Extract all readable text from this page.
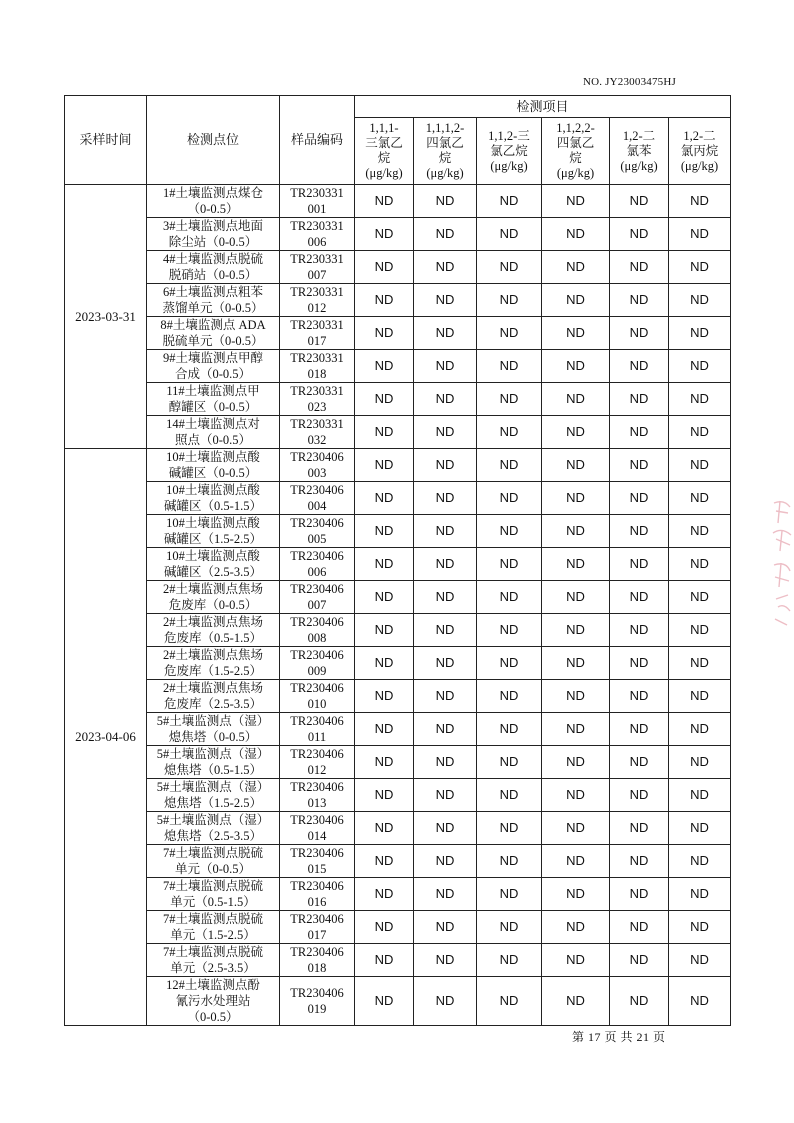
NO. JY23003475HJ
采样时间	检测点位	样品编码	检测项目					
			1,1,1-
三氯乙
烷
(μg/kg)	1,1,1,2-
四氯乙
烷
(μg/kg)	1,1,2-三
氯乙烷
(μg/kg)	1,1,2,2-
四氯乙
烷
(μg/kg)	1,2-二
氯苯
(μg/kg)	1,2-二
氯丙烷
(μg/kg)
2023-03-31	1#土壤监测点煤仓
（0-0.5）	TR230331
001	ND	ND	ND	ND	ND	ND
	3#土壤监测点地面
除尘站（0-0.5）	TR230331
006	ND	ND	ND	ND	ND	ND
	4#土壤监测点脱硫
脱硝站（0-0.5）	TR230331
007	ND	ND	ND	ND	ND	ND
	6#土壤监测点粗苯
蒸馏单元（0-0.5）	TR230331
012	ND	ND	ND	ND	ND	ND
	8#土壤监测点 ADA
脱硫单元（0-0.5）	TR230331
017	ND	ND	ND	ND	ND	ND
	9#土壤监测点甲醇
合成（0-0.5）	TR230331
018	ND	ND	ND	ND	ND	ND
	11#土壤监测点甲
醇罐区（0-0.5）	TR230331
023	ND	ND	ND	ND	ND	ND
	14#土壤监测点对
照点（0-0.5）	TR230331
032	ND	ND	ND	ND	ND	ND
2023-04-06	10#土壤监测点酸
碱罐区（0-0.5）	TR230406
003	ND	ND	ND	ND	ND	ND
	10#土壤监测点酸
碱罐区（0.5-1.5）	TR230406
004	ND	ND	ND	ND	ND	ND
	10#土壤监测点酸
碱罐区（1.5-2.5）	TR230406
005	ND	ND	ND	ND	ND	ND
	10#土壤监测点酸
碱罐区（2.5-3.5）	TR230406
006	ND	ND	ND	ND	ND	ND
	2#土壤监测点焦场
危废库（0-0.5）	TR230406
007	ND	ND	ND	ND	ND	ND
	2#土壤监测点焦场
危废库（0.5-1.5）	TR230406
008	ND	ND	ND	ND	ND	ND
	2#土壤监测点焦场
危废库（1.5-2.5）	TR230406
009	ND	ND	ND	ND	ND	ND
	2#土壤监测点焦场
危废库（2.5-3.5）	TR230406
010	ND	ND	ND	ND	ND	ND
	5#土壤监测点（湿）
熄焦塔（0-0.5）	TR230406
011	ND	ND	ND	ND	ND	ND
	5#土壤监测点（湿）
熄焦塔（0.5-1.5）	TR230406
012	ND	ND	ND	ND	ND	ND
	5#土壤监测点（湿）
熄焦塔（1.5-2.5）	TR230406
013	ND	ND	ND	ND	ND	ND
	5#土壤监测点（湿）
熄焦塔（2.5-3.5）	TR230406
014	ND	ND	ND	ND	ND	ND
	7#土壤监测点脱硫
单元（0-0.5）	TR230406
015	ND	ND	ND	ND	ND	ND
	7#土壤监测点脱硫
单元（0.5-1.5）	TR230406
016	ND	ND	ND	ND	ND	ND
	7#土壤监测点脱硫
单元（1.5-2.5）	TR230406
017	ND	ND	ND	ND	ND	ND
	7#土壤监测点脱硫
单元（2.5-3.5）	TR230406
018	ND	ND	ND	ND	ND	ND
	12#土壤监测点酚
氰污水处理站
（0-0.5）	TR230406
019	ND	ND	ND	ND	ND	ND
第 17 页 共 21 页
